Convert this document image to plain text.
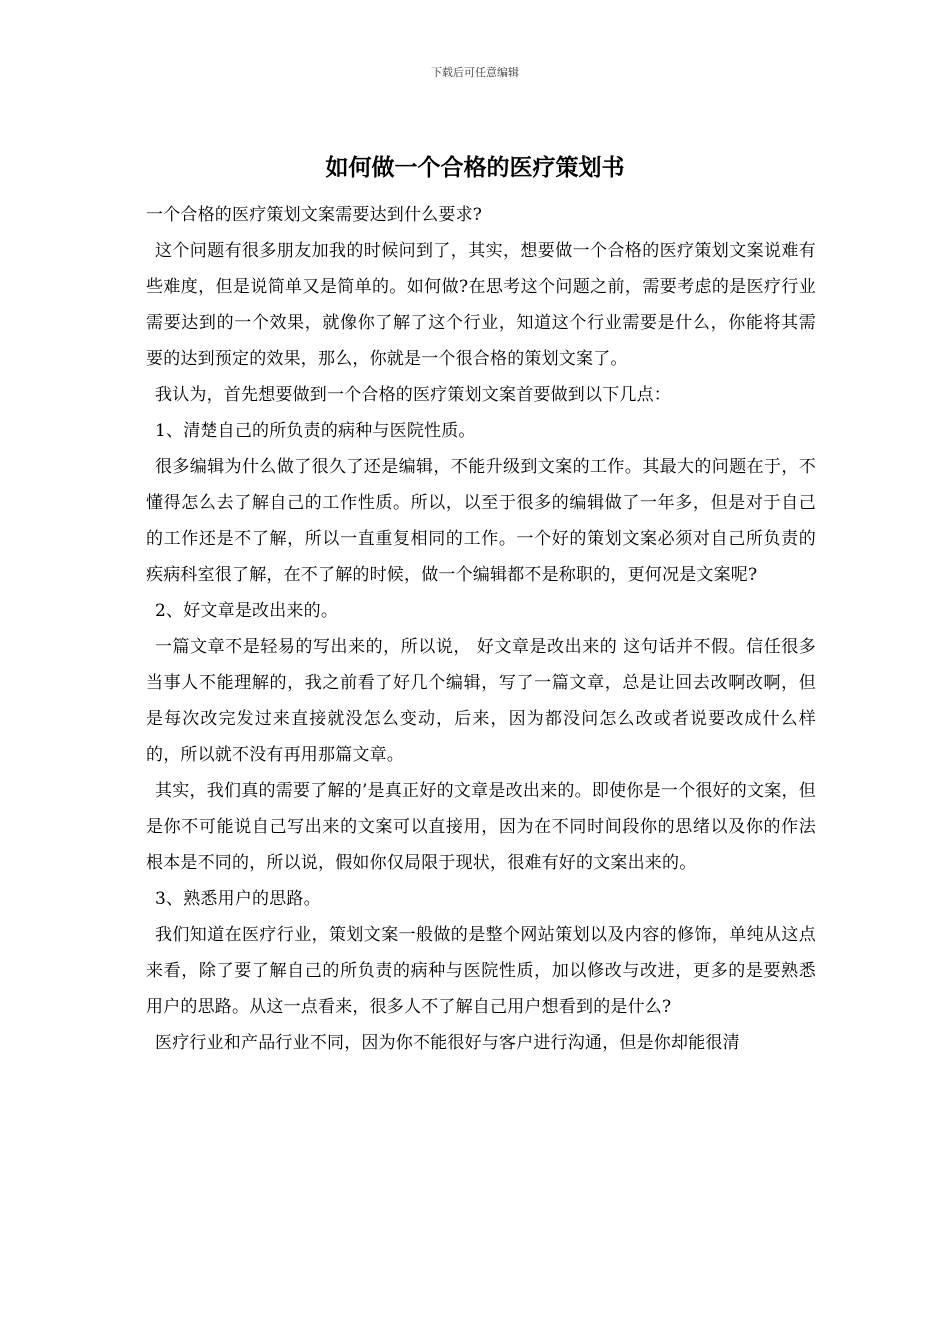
下载后可任意编辑
如何做一个合格的医疗策划书

一个合格的医疗策划文案需要达到什么要求?

这个问题有很多朋友加我的时候问到了，其实，想要做一个合格的医疗策划文案说难有些难度，但是说简单又是简单的。如何做?在思考这个问题之前，需要考虑的是医疗行业需要达到的一个效果，就像你了解了这个行业，知道这个行业需要是什么，你能将其需要的达到预定的效果，那么，你就是一个很合格的策划文案了。

我认为，首先想要做到一个合格的医疗策划文案首要做到以下几点：

1、清楚自己的所负责的病种与医院性质。

很多编辑为什么做了很久了还是编辑，不能升级到文案的工作。其最大的问题在于，不懂得怎么去了解自己的工作性质。所以，以至于很多的编辑做了一年多，但是对于自己的工作还是不了解，所以一直重复相同的工作。一个好的策划文案必须对自己所负责的疾病科室很了解，在不了解的时候，做一个编辑都不是称职的，更何况是文案呢?

2、好文章是改出来的。

一篇文章不是轻易的写出来的，所以说， 好文章是改出来的 这句话并不假。信任很多当事人不能理解的，我之前看了好几个编辑，写了一篇文章，总是让回去改啊改啊，但是每次改完发过来直接就没怎么变动，后来，因为都没问怎么改或者说要改成什么样的，所以就不没有再用那篇文章。

其实，我们真的需要了解的’是真正好的文章是改出来的。即使你是一个很好的文案，但是你不可能说自己写出来的文案可以直接用，因为在不同时间段你的思绪以及你的作法根本是不同的，所以说，假如你仅局限于现状，很难有好的文案出来的。

3、熟悉用户的思路。

我们知道在医疗行业，策划文案一般做的是整个网站策划以及内容的修饰，单纯从这点来看，除了要了解自己的所负责的病种与医院性质，加以修改与改进，更多的是要熟悉用户的思路。从这一点看来，很多人不了解自己用户想看到的是什么?

医疗行业和产品行业不同，因为你不能很好与客户进行沟通，但是你却能很清
